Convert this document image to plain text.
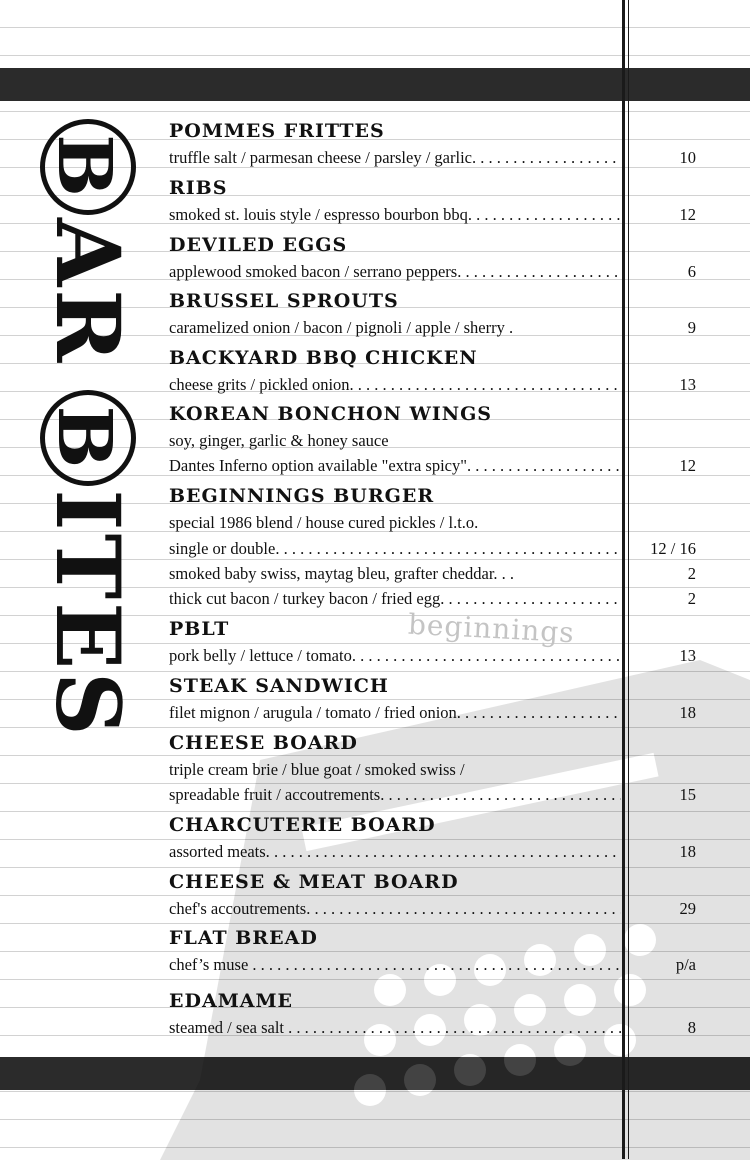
beginnings
BARBITES
POMMES FRITTES
truffle salt / parmesan cheese / parsley / garlic. . . .	10
RIBS
smoked st. louis style / espresso bourbon bbq. . . .	12
DEVILED EGGS
applewood smoked bacon / serrano peppers. . . .	6
BRUSSEL SPROUTS
caramelized onion / bacon / pignoli / apple / sherry .	9
BACKYARD BBQ CHICKEN
cheese grits / pickled onion. . . .	13
KOREAN BONCHON WINGS
soy, ginger, garlic & honey sauce
Dantes Inferno option available "extra spicy". . . .	12
BEGINNINGS BURGER
special 1986 blend / house cured pickles / l.t.o.
single or double. . . .	12 / 16
smoked baby swiss, maytag bleu, grafter cheddar. . .	2
thick cut bacon / turkey bacon / fried egg. . . .	2
PBLT
pork belly / lettuce / tomato. . . .	13
STEAK SANDWICH
filet mignon / arugula / tomato / fried onion. . . .	18
CHEESE BOARD
triple cream brie / blue goat / smoked swiss /
spreadable fruit / accoutrements. . . .	15
CHARCUTERIE BOARD
assorted meats. . . .	18
CHEESE & MEAT BOARD
chef's accoutrements. . . .	29
FLAT BREAD
chef’s muse . . .	p/a
EDAMAME
steamed / sea salt . . .	8
